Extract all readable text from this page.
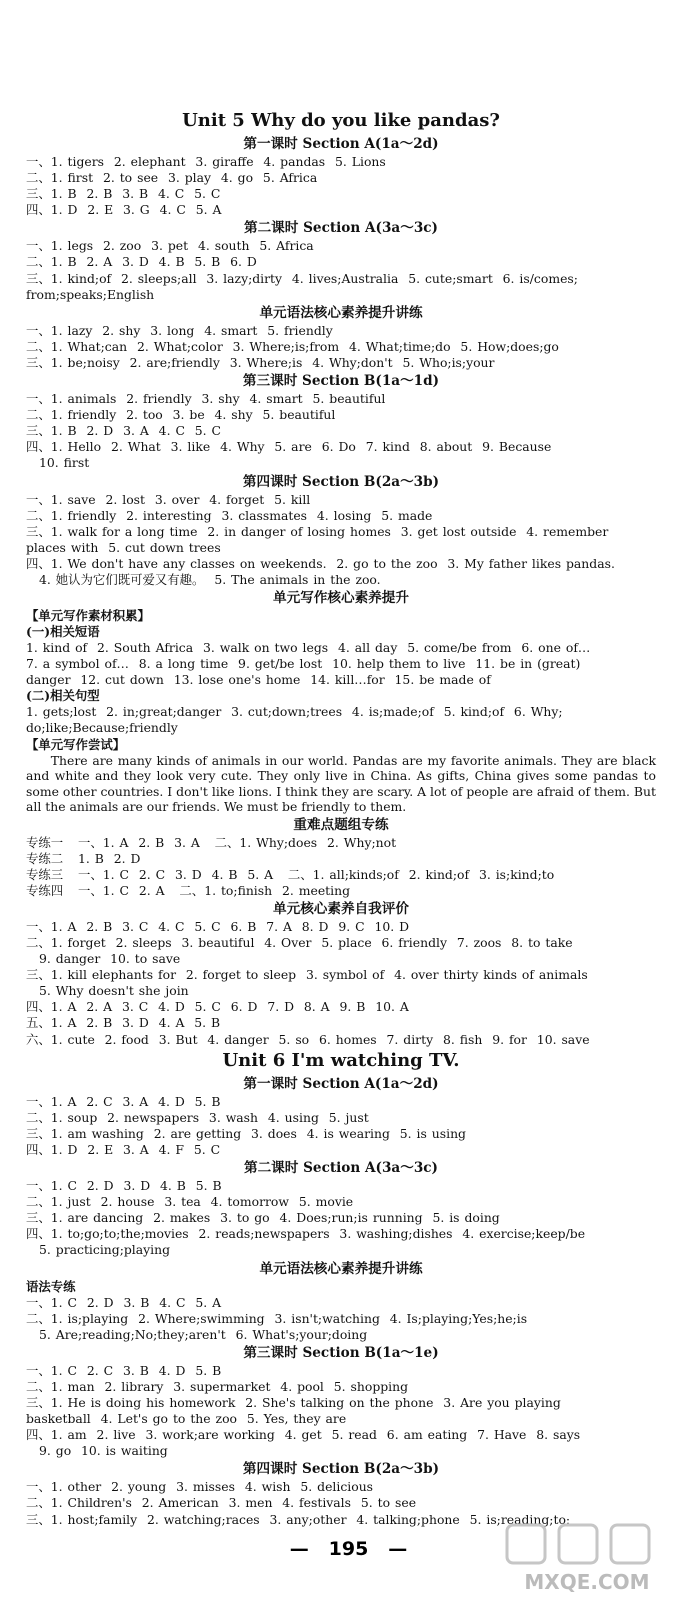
Unit 5 Why do you like pandas?
第一课时 Section A(1a～2d)
一、1. tigers  2. elephant  3. giraffe  4. pandas  5. Lions
二、1. first  2. to see  3. play  4. go  5. Africa
三、1. B  2. B  3. B  4. C  5. C
四、1. D  2. E  3. G  4. C  5. A
第二课时 Section A(3a～3c)
一、1. legs  2. zoo  3. pet  4. south  5. Africa
二、1. B  2. A  3. D  4. B  5. B  6. D
三、1. kind;of  2. sleeps;all  3. lazy;dirty  4. lives;Australia  5. cute;smart  6. is/comes;
from;speaks;English
单元语法核心素养提升讲练
一、1. lazy  2. shy  3. long  4. smart  5. friendly
二、1. What;can  2. What;color  3. Where;is;from  4. What;time;do  5. How;does;go
三、1. be;noisy  2. are;friendly  3. Where;is  4. Why;don't  5. Who;is;your
第三课时 Section B(1a～1d)
一、1. animals  2. friendly  3. shy  4. smart  5. beautiful
二、1. friendly  2. too  3. be  4. shy  5. beautiful
三、1. B  2. D  3. A  4. C  5. C
四、1. Hello  2. What  3. like  4. Why  5. are  6. Do  7. kind  8. about  9. Because
10. first
第四课时 Section B(2a～3b)
一、1. save  2. lost  3. over  4. forget  5. kill
二、1. friendly  2. interesting  3. classmates  4. losing  5. made
三、1. walk for a long time  2. in danger of losing homes  3. get lost outside  4. remember
places with  5. cut down trees
四、1. We don't have any classes on weekends.  2. go to the zoo  3. My father likes pandas.
4. 她认为它们既可爱又有趣。  5. The animals in the zoo.
单元写作核心素养提升
【单元写作素材积累】
(一)相关短语
1. kind of  2. South Africa  3. walk on two legs  4. all day  5. come/be from  6. one of…
7. a symbol of…  8. a long time  9. get/be lost  10. help them to live  11. be in (great)
danger  12. cut down  13. lose one's home  14. kill…for  15. be made of
(二)相关句型
1. gets;lost  2. in;great;danger  3. cut;down;trees  4. is;made;of  5. kind;of  6. Why;
do;like;Because;friendly
【单元写作尝试】
There are many kinds of animals in our world. Pandas are my favorite animals. They are black and white and they look very cute. They only live in China. As gifts, China gives some pandas to some other countries. I don't like lions. I think they are scary. A lot of people are afraid of them. But all the animals are our friends. We must be friendly to them.
重难点题组专练
专练一   一、1. A  2. B  3. A   二、1. Why;does  2. Why;not
专练二   1. B  2. D
专练三   一、1. C  2. C  3. D  4. B  5. A   二、1. all;kinds;of  2. kind;of  3. is;kind;to
专练四   一、1. C  2. A   二、1. to;finish  2. meeting
单元核心素养自我评价
一、1. A  2. B  3. C  4. C  5. C  6. B  7. A  8. D  9. C  10. D
二、1. forget  2. sleeps  3. beautiful  4. Over  5. place  6. friendly  7. zoos  8. to take
9. danger  10. to save
三、1. kill elephants for  2. forget to sleep  3. symbol of  4. over thirty kinds of animals
5. Why doesn't she join
四、1. A  2. A  3. C  4. D  5. C  6. D  7. D  8. A  9. B  10. A
五、1. A  2. B  3. D  4. A  5. B
六、1. cute  2. food  3. But  4. danger  5. so  6. homes  7. dirty  8. fish  9. for  10. save
Unit 6 I'm watching TV.
第一课时 Section A(1a～2d)
一、1. A  2. C  3. A  4. D  5. B
二、1. soup  2. newspapers  3. wash  4. using  5. just
三、1. am washing  2. are getting  3. does  4. is wearing  5. is using
四、1. D  2. E  3. A  4. F  5. C
第二课时 Section A(3a～3c)
一、1. C  2. D  3. D  4. B  5. B
二、1. just  2. house  3. tea  4. tomorrow  5. movie
三、1. are dancing  2. makes  3. to go  4. Does;run;is running  5. is doing
四、1. to;go;to;the;movies  2. reads;newspapers  3. washing;dishes  4. exercise;keep/be
5. practicing;playing
单元语法核心素养提升讲练
语法专练
一、1. C  2. D  3. B  4. C  5. A
二、1. is;playing  2. Where;swimming  3. isn't;watching  4. Is;playing;Yes;he;is
5. Are;reading;No;they;aren't  6. What's;your;doing
第三课时 Section B(1a～1e)
一、1. C  2. C  3. B  4. D  5. B
二、1. man  2. library  3. supermarket  4. pool  5. shopping
三、1. He is doing his homework  2. She's talking on the phone  3. Are you playing
basketball  4. Let's go to the zoo  5. Yes, they are
四、1. am  2. live  3. work;are working  4. get  5. read  6. am eating  7. Have  8. says
9. go  10. is waiting
第四课时 Section B(2a～3b)
一、1. other  2. young  3. misses  4. wish  5. delicious
二、1. Children's  2. American  3. men  4. festivals  5. to see
三、1. host;family  2. watching;races  3. any;other  4. talking;phone  5. is;reading;to;
— 195 —
MXQE.COM
